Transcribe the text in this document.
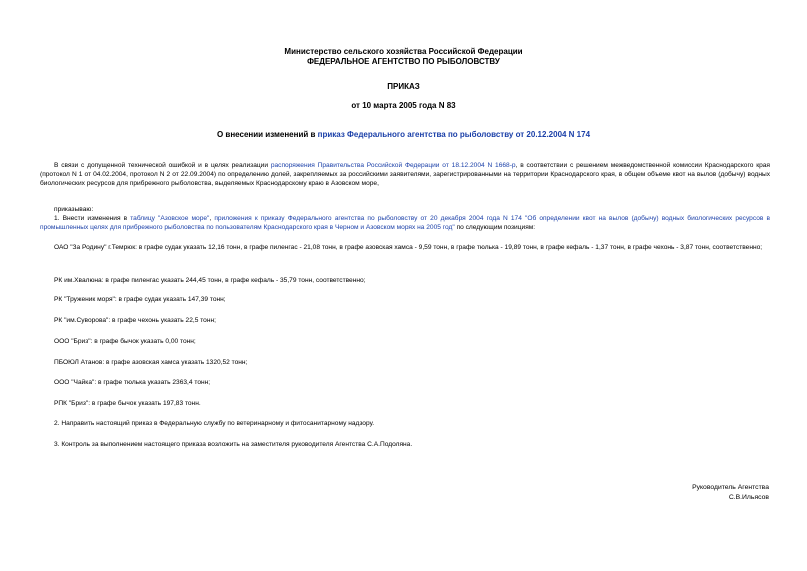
Министерство сельского хозяйства Российской Федерации
ФЕДЕРАЛЬНОЕ АГЕНТСТВО ПО РЫБОЛОВСТВУ
ПРИКАЗ
от 10 марта 2005 года N 83
О внесении изменений в приказ Федерального агентства по рыболовству от 20.12.2004 N 174
В связи с допущенной технической ошибкой и в целях реализации распоряжения Правительства Российской Федерации от 18.12.2004 N 1668-р, в соответствии с решением межведомственной комиссии Краснодарского края (протокол N 1 от 04.02.2004, протокол N 2 от 22.09.2004) по определению долей, закрепляемых за российскими заявителями, зарегистрированными на территории Краснодарского края, в общем объеме квот на вылов (добычу) водных биологических ресурсов для прибрежного рыболовства, выделяемых Краснодарскому краю в Азовском море,
приказываю:
1. Внести изменения в таблицу "Азовское море", приложения к приказу Федерального агентства по рыболовству от 20 декабря 2004 года N 174 "Об определении квот на вылов (добычу) водных биологических ресурсов в промышленных целях для прибрежного рыболовства по пользователям Краснодарского края в Черном и Азовском морях на 2005 год" по следующим позициям:
ОАО "За Родину" г.Темрюк: в графе судак указать 12,16 тонн, в графе пиленгас - 21,08 тонн, в графе азовская хамса - 9,59 тонн, в графе тюлька - 19,89 тонн, в графе кефаль - 1,37 тонн, в графе чехонь - 3,87 тонн, соответственно;
РК им.Хвалюна: в графе пиленгас указать 244,45 тонн, в графе кефаль - 35,79 тонн, соответственно;
РК "Труженик моря": в графе судак указать 147,39 тонн;
РК "им.Суворова": в графе чехонь указать 22,5 тонн;
ООО "Бриз": в графе бычок указать 0,00 тонн;
ПБОЮЛ Атанов: в графе азовская хамса указать 1320,52 тонн;
ООО "Чайка": в графе тюлька указать 2363,4 тонн;
РПК "Бриз": в графе бычок указать 197,83 тонн.
2. Направить настоящий приказ в Федеральную службу по ветеринарному и фитосанитарному надзору.
3. Контроль за выполнением настоящего приказа возложить на заместителя руководителя Агентства С.А.Подоляна.
Руководитель Агентства
С.В.Ильясов
